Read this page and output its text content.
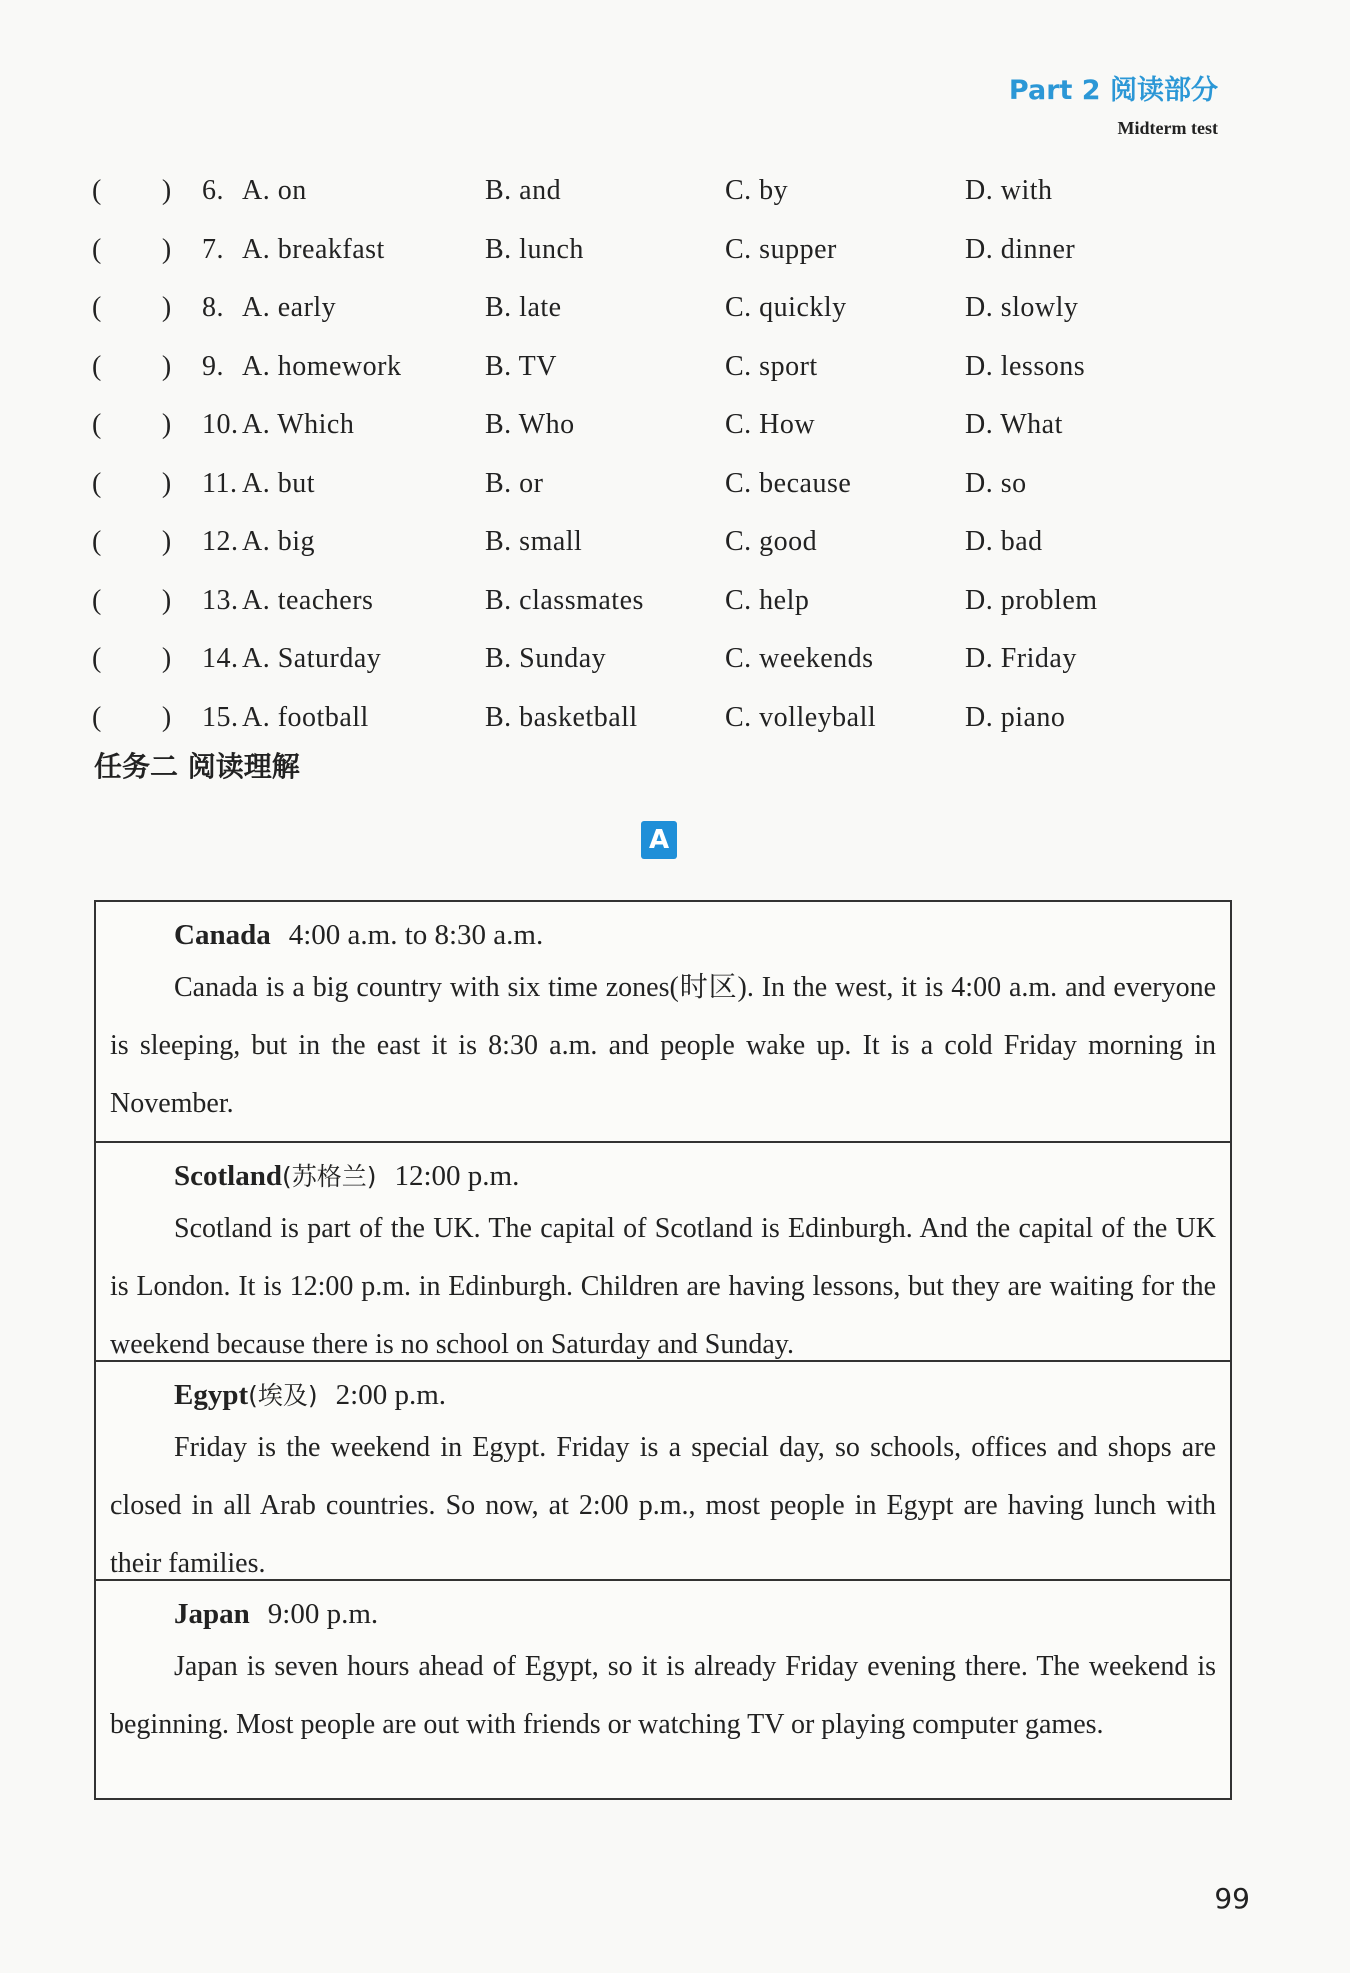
Part 2 阅读部分
Midterm test
(        ) 6. A. on	B. and	C. by	D. with
(        ) 7. A. breakfast	B. lunch	C. supper	D. dinner
(        ) 8. A. early	B. late	C. quickly	D. slowly
(        ) 9. A. homework	B. TV	C. sport	D. lessons
(        )	10. A. Which	B. Who	C. How	D. What
(        )	11. A. but	B. or	C. because	D. so
(        )	12. A. big	B. small	C. good	D. bad
(        )	13. A. teachers	B. classmates	C. help	D. problem
(        )	14. A. Saturday	B. Sunday	C. weekends	D. Friday
(        )	15. A. football	B. basketball	C. volleyball	D. piano
任务二 阅读理解
A
Canada 4:00 a.m. to 8:30 a.m.
Canada is a big country with six time zones(时区). In the west, it is 4:00 a.m. and everyone is sleeping, but in the east it is 8:30 a.m. and people wake up. It is a cold Friday morning in November.
Scotland(苏格兰) 12:00 p.m.
Scotland is part of the UK. The capital of Scotland is Edinburgh. And the capital of the UK is London. It is 12:00 p.m. in Edinburgh. Children are having lessons, but they are waiting for the weekend because there is no school on Saturday and Sunday.
Egypt(埃及) 2:00 p.m.
Friday is the weekend in Egypt. Friday is a special day, so schools, offices and shops are closed in all Arab countries. So now, at 2:00 p.m., most people in Egypt are having lunch with their families.
Japan 9:00 p.m.
Japan is seven hours ahead of Egypt, so it is already Friday evening there. The weekend is beginning. Most people are out with friends or watching TV or playing computer games.
99
